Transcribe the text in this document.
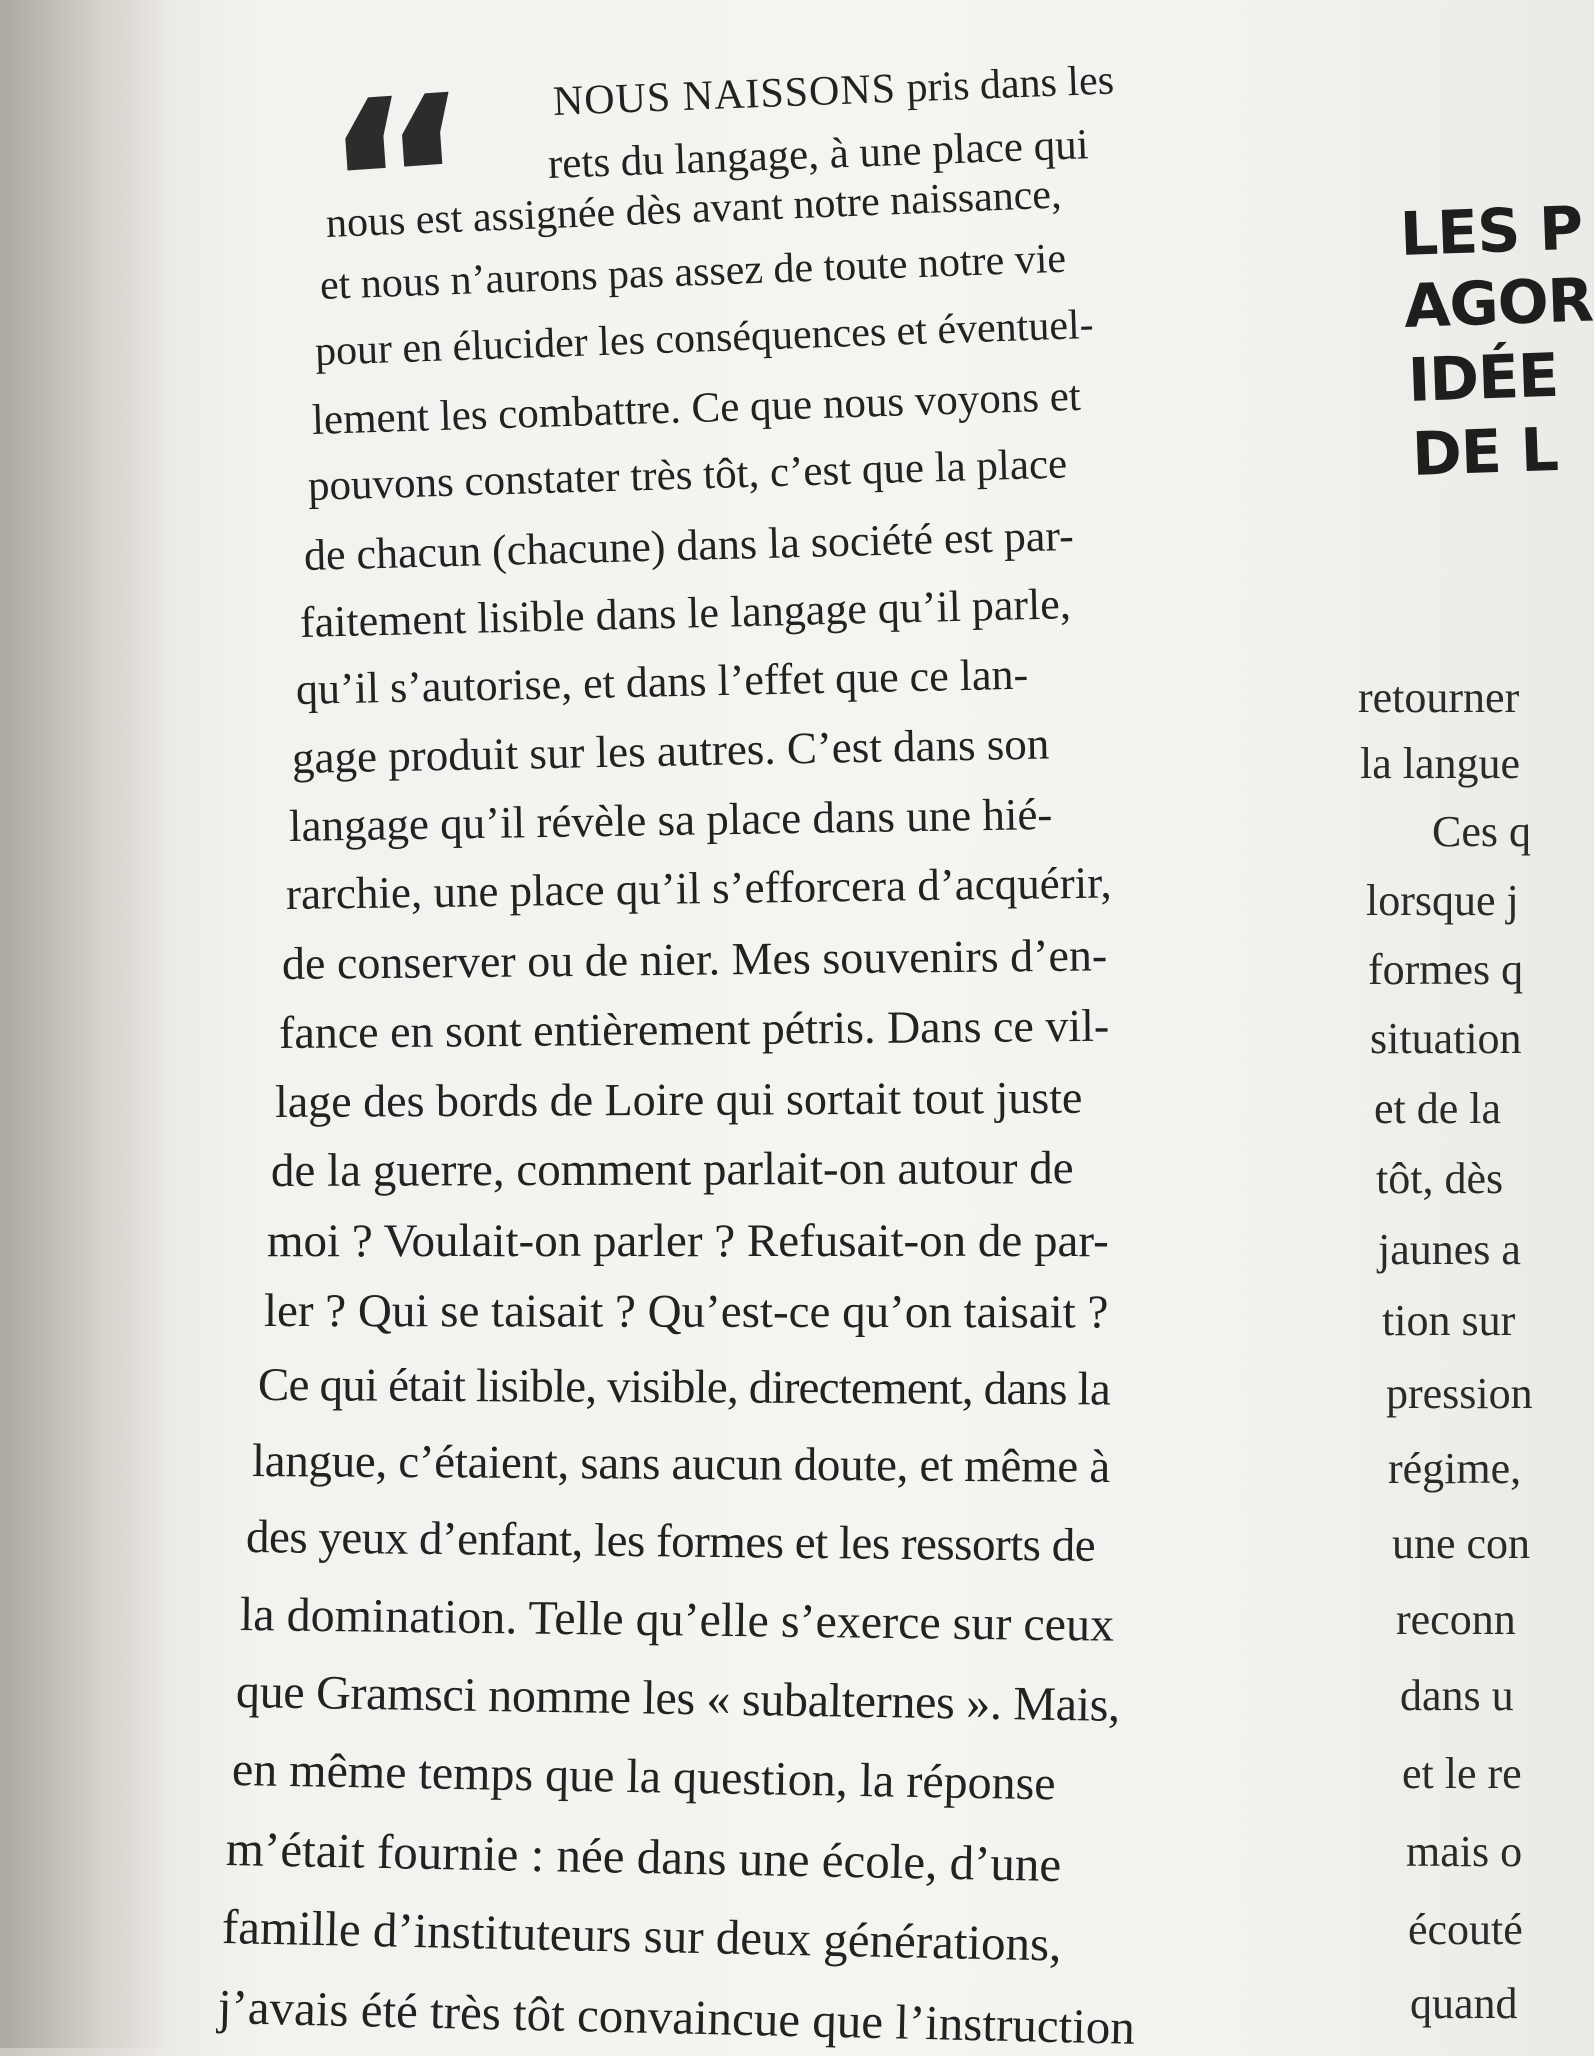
“ NOUS NAISSONS pris dans les
rets du langage, à une place qui
nous est assignée dès avant notre naissance,
et nous n’aurons pas assez de toute notre vie
pour en élucider les conséquences et éventuel-
lement les combattre. Ce que nous voyons et
pouvons constater très tôt, c’est que la place
de chacun (chacune) dans la société est par-
faitement lisible dans le langage qu’il parle,
qu’il s’autorise, et dans l’effet que ce lan-
gage produit sur les autres. C’est dans son
langage qu’il révèle sa place dans une hié-
rarchie, une place qu’il s’efforcera d’acquérir,
de conserver ou de nier. Mes souvenirs d’en-
fance en sont entièrement pétris. Dans ce vil-
lage des bords de Loire qui sortait tout juste
de la guerre, comment parlait-on autour de
moi ? Voulait-on parler ? Refusait-on de par-
ler ? Qui se taisait ? Qu’est-ce qu’on taisait ?
Ce qui était lisible, visible, directement, dans la
langue, c’étaient, sans aucun doute, et même à
des yeux d’enfant, les formes et les ressorts de
la domination. Telle qu’elle s’exerce sur ceux
que Gramsci nomme les « subalternes ». Mais,
en même temps que la question, la réponse
m’était fournie : née dans une école, d’une
famille d’instituteurs sur deux générations,
j’avais été très tôt convaincue que l’instruction
LES P
AGOR
IDÉE
DE L
retourner
la langue
Ces q
lorsque j
formes q
situation
et de la
tôt, dès
jaunes a
tion sur
pression
régime,
une con
reconn
dans u
et le re
mais o
écouté
quand
